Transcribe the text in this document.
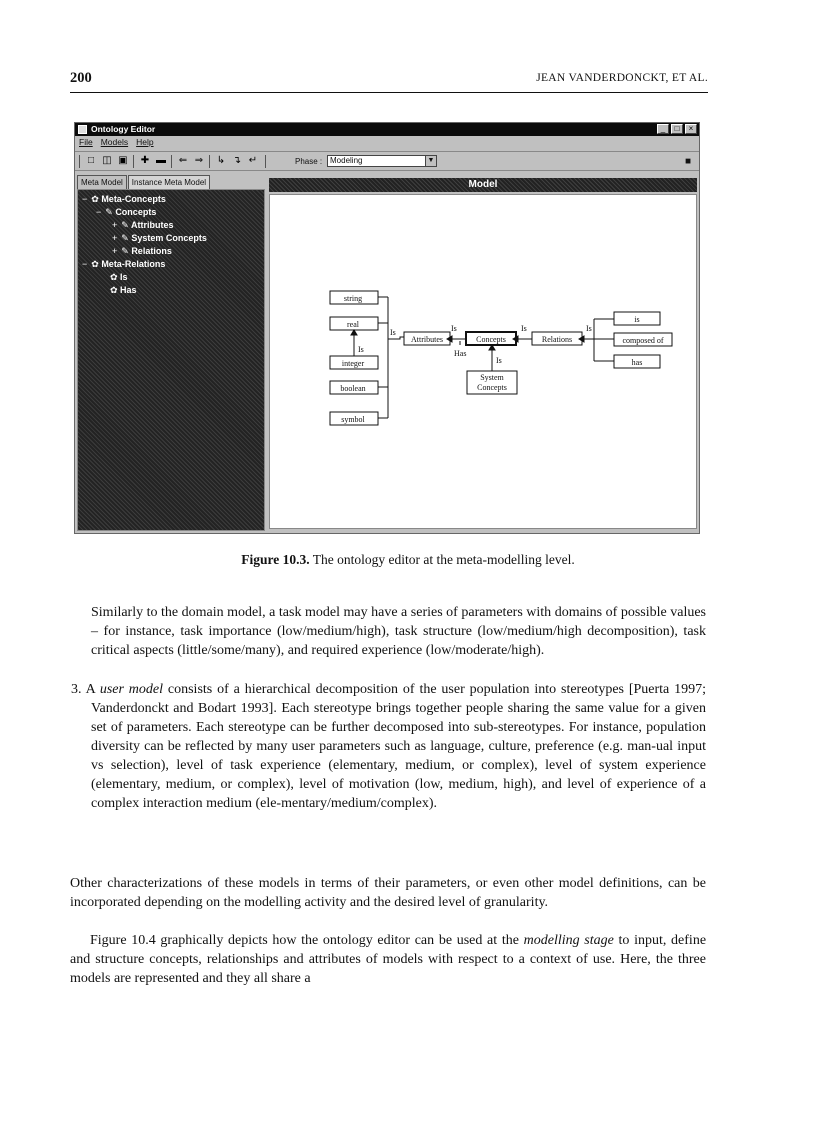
200	JEAN VANDERDONCKT, ET AL.
Ontology Editor	_	□	×
File Models Help
□ ◫ ▣ ✚ ▬ ⇐ ⇒ ↳ ↴ ↵	Phase : Modeling	▼	■
Meta Model	Instance Meta Model
− ✿ Meta-Concepts
− ✎ Concepts
+ ✎ Attributes
+ ✎ System Concepts
+ ✎ Relations
− ✿ Meta-Relations
✿ Is
✿ Has
Model
string
real
integer
boolean
symbol
Is
Is
Attributes
Is
Has
Concepts
Is
Relations
Is
is
composed of
has
Is
System
Concepts
Figure 10.3. The ontology editor at the meta-modelling level.
Similarly to the domain model, a task model may have a series of parameters with domains of possible values – for instance, task importance (low/medium/high), task structure (low/medium/high decomposition), task critical aspects (little/some/many), and required experience (low/moderate/high).
3. A user model consists of a hierarchical decomposition of the user population into stereotypes [Puerta 1997; Vanderdonckt and Bodart 1993]. Each stereotype brings together people sharing the same value for a given set of parameters. Each stereotype can be further decomposed into sub-stereotypes. For instance, population diversity can be reflected by many user parameters such as language, culture, preference (e.g. man-ual input vs selection), level of task experience (elementary, medium, or complex), level of system experience (elementary, medium, or complex), level of motivation (low, medium, high), and level of experience of a complex interaction medium (ele-mentary/medium/complex).
Other characterizations of these models in terms of their parameters, or even other model definitions, can be incorporated depending on the modelling activity and the desired level of granularity.
Figure 10.4 graphically depicts how the ontology editor can be used at the modelling stage to input, define and structure concepts, relationships and attributes of models with respect to a context of use. Here, the three models are represented and they all share a
